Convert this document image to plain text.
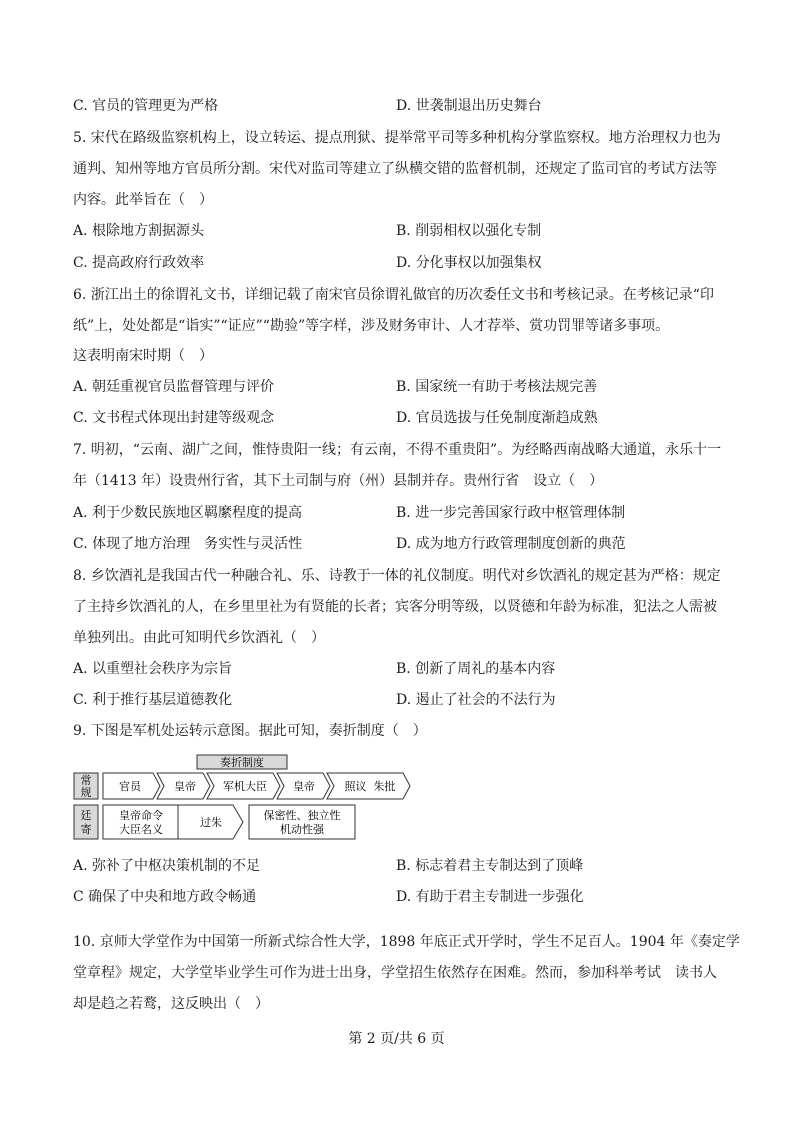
C. 官员的管理更为严格	D. 世袭制退出历史舞台
5. 宋代在路级监察机构上，设立转运、提点刑狱、提举常平司等多种机构分掌监察权。地方治理权力也为
通判、知州等地方官员所分割。宋代对监司等建立了纵横交错的监督机制，还规定了监司官的考试方法等
内容。此举旨在（　）
A. 根除地方割据源头	B. 削弱相权以强化专制
C. 提高政府行政效率	D. 分化事权以加强集权
6. 浙江出土的徐谓礼文书，详细记载了南宋官员徐谓礼做官的历次委任文书和考核记录。在考核记录“印
纸”上，处处都是“诣实”“证应”“勘验”等字样，涉及财务审计、人才荐举、赏功罚罪等诸多事项。
这表明南宋时期（　）
A. 朝廷重视官员监督管理与评价	B. 国家统一有助于考核法规完善
C. 文书程式体现出封建等级观念	D. 官员选拔与任免制度渐趋成熟
7. 明初，“云南、湖广之间，惟恃贵阳一线；有云南，不得不重贵阳”。为经略西南战略大通道，永乐十一
年（1413 年）设贵州行省，其下土司制与府（州）县制并存。贵州行省　设立（　）
A. 利于少数民族地区羁縻程度的提高	B. 进一步完善国家行政中枢管理体制
C. 体现了地方治理　务实性与灵活性	D. 成为地方行政管理制度创新的典范
8. 乡饮酒礼是我国古代一种融合礼、乐、诗教于一体的礼仪制度。明代对乡饮酒礼的规定甚为严格：规定
了主持乡饮酒礼的人，在乡里里社为有贤能的长者；宾客分明等级，以贤德和年龄为标准，犯法之人需被
单独列出。由此可知明代乡饮酒礼（　）
A. 以重塑社会秩序为宗旨	B. 创新了周礼的基本内容
C. 利于推行基层道德教化	D. 遏止了社会的不法行为
9. 下图是军机处运转示意图。据此可知，奏折制度（　）
奏折制度
常
规	官员	皇帝 军机大臣 皇帝	照议  朱批
廷
寄
皇帝命令
大臣名义
过朱
保密性、独立性
机动性强
A. 弥补了中枢决策机制的不足	B. 标志着君主专制达到了顶峰
C 确保了中央和地方政令畅通	D. 有助于君主专制进一步强化
10. 京师大学堂作为中国第一所新式综合性大学，1898 年底正式开学时，学生不足百人。1904 年《奏定学
堂章程》规定，大学堂毕业学生可作为进士出身，学堂招生依然存在困难。然而，参加科举考试　读书人
却是趋之若鹜，这反映出（　）
第 2 页/共 6 页
